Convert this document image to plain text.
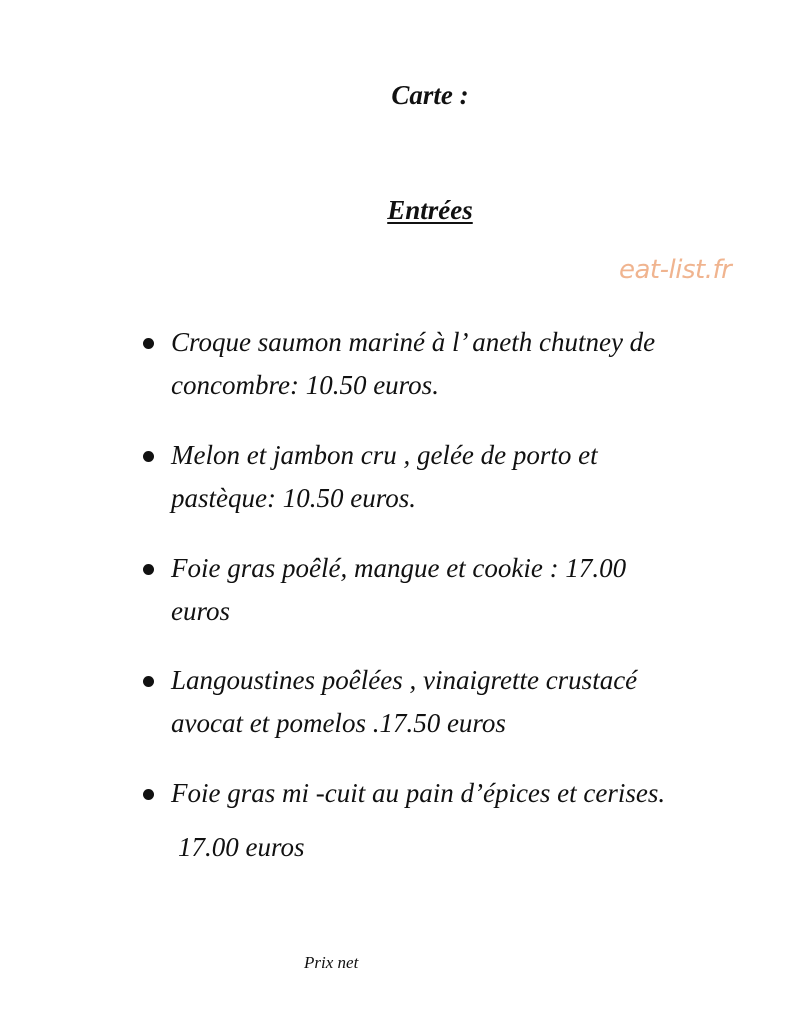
Carte :
Entrées
eat-list.fr
Croque saumon mariné à l’ aneth chutney de
concombre: 10.50 euros.
Melon et jambon cru , gelée de porto et
pastèque: 10.50 euros.
Foie gras poêlé, mangue et cookie : 17.00
euros
Langoustines poêlées , vinaigrette crustacé
avocat et pomelos .17.50 euros
Foie gras mi -cuit au pain d’épices et cerises.
17.00 euros
Prix net
